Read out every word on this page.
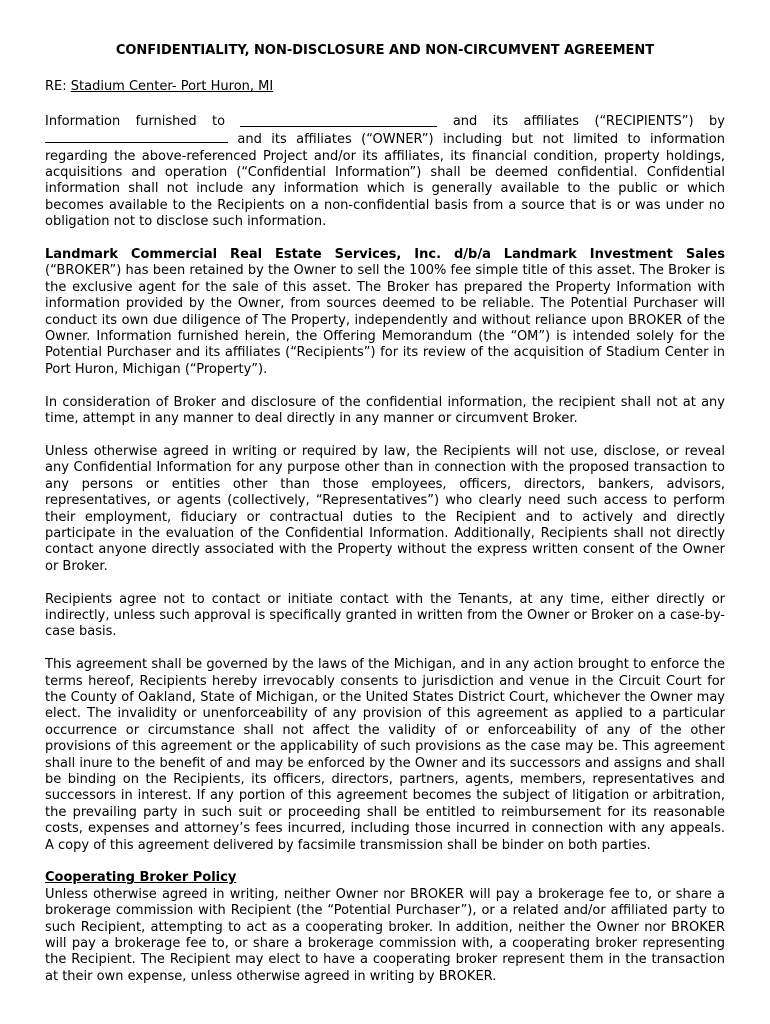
CONFIDENTIALITY, NON-DISCLOSURE AND NON-CIRCUMVENT AGREEMENT
RE: Stadium Center- Port Huron, MI
Information furnished to	and its affiliates (“RECIPIENTS”) by
and its affiliates (“OWNER”) including but not limited to information regarding the above-referenced Project and/or its affiliates, its financial condition, property holdings, acquisitions and operation (“Confidential Information”) shall be deemed confidential. Confidential information shall not include any information which is generally available to the public or which becomes available to the Recipients on a non-confidential basis from a source that is or was under no obligation not to disclose such information.

Landmark Commercial Real Estate Services, Inc. d/b/a Landmark Investment Sales (“BROKER”) has been retained by the Owner to sell the 100% fee simple title of this asset. The Broker is the exclusive agent for the sale of this asset. The Broker has prepared the Property Information with information provided by the Owner, from sources deemed to be reliable. The Potential Purchaser will conduct its own due diligence of The Property, independently and without reliance upon BROKER of the Owner. Information furnished herein, the Offering Memorandum (the “OM”) is intended solely for the Potential Purchaser and its affiliates (“Recipients”) for its review of the acquisition of Stadium Center in Port Huron, Michigan (“Property”).

In consideration of Broker and disclosure of the confidential information, the recipient shall not at any time, attempt in any manner to deal directly in any manner or circumvent Broker.

Unless otherwise agreed in writing or required by law, the Recipients will not use, disclose, or reveal any Confidential Information for any purpose other than in connection with the proposed transaction to any persons or entities other than those employees, officers, directors, bankers, advisors, representatives, or agents (collectively, “Representatives”) who clearly need such access to perform their employment, fiduciary or contractual duties to the Recipient and to actively and directly participate in the evaluation of the Confidential Information. Additionally, Recipients shall not directly contact anyone directly associated with the Property without the express written consent of the Owner or Broker.

Recipients agree not to contact or initiate contact with the Tenants, at any time, either directly or indirectly, unless such approval is specifically granted in written from the Owner or Broker on a case-by-case basis.

This agreement shall be governed by the laws of the Michigan, and in any action brought to enforce the terms hereof, Recipients hereby irrevocably consents to jurisdiction and venue in the Circuit Court for the County of Oakland, State of Michigan, or the United States District Court, whichever the Owner may elect. The invalidity or unenforceability of any provision of this agreement as applied to a particular occurrence or circumstance shall not affect the validity of or enforceability of any of the other provisions of this agreement or the applicability of such provisions as the case may be. This agreement shall inure to the benefit of and may be enforced by the Owner and its successors and assigns and shall be binding on the Recipients, its officers, directors, partners, agents, members, representatives and successors in interest. If any portion of this agreement becomes the subject of litigation or arbitration, the prevailing party in such suit or proceeding shall be entitled to reimbursement for its reasonable costs, expenses and attorney’s fees incurred, including those incurred in connection with any appeals. A copy of this agreement delivered by facsimile transmission shall be binder on both parties.

Cooperating Broker Policy

Unless otherwise agreed in writing, neither Owner nor BROKER will pay a brokerage fee to, or share a brokerage commission with Recipient (the “Potential Purchaser”), or a related and/or affiliated party to such Recipient, attempting to act as a cooperating broker. In addition, neither the Owner nor BROKER will pay a brokerage fee to, or share a brokerage commission with, a cooperating broker representing the Recipient. The Recipient may elect to have a cooperating broker represent them in the transaction at their own expense, unless otherwise agreed in writing by BROKER.
